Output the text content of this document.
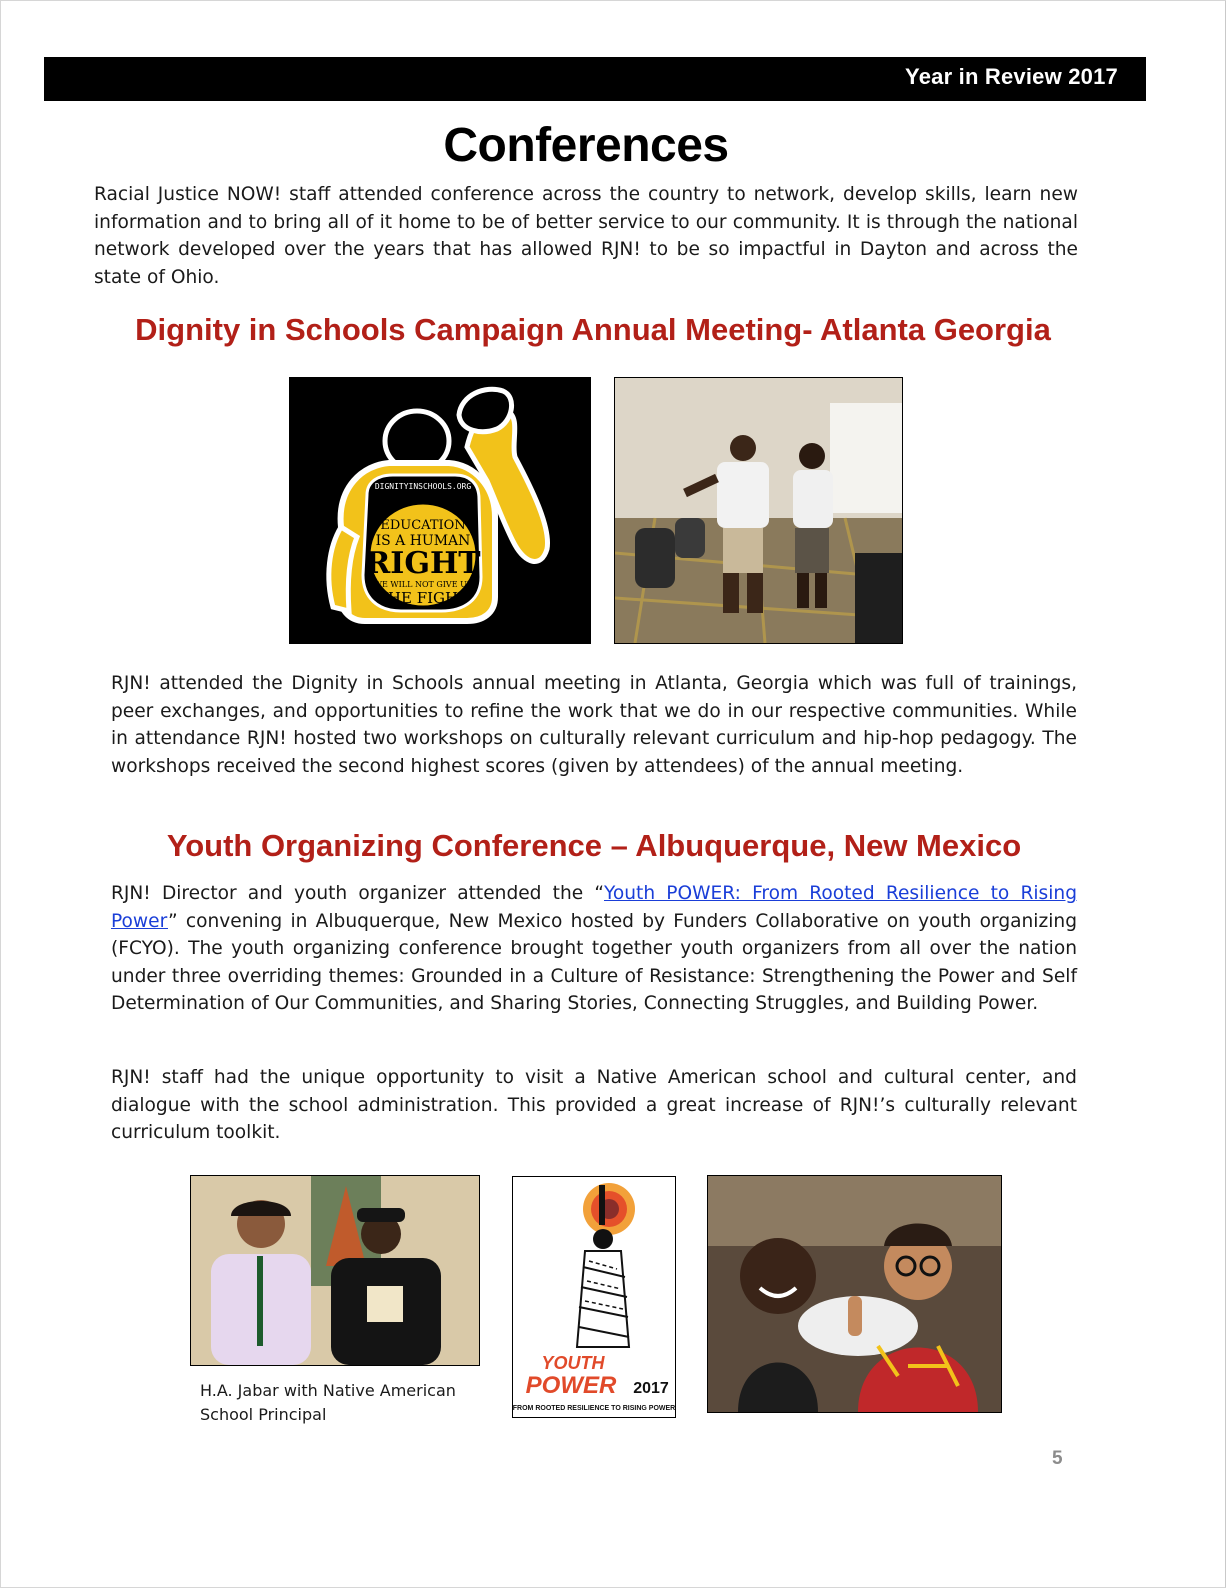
Year in Review 2017
Conferences

Racial Justice NOW! staff attended conference across the country to network, develop skills, learn new information and to bring all of it home to be of better service to our community. It is through the national network developed over the years that has allowed RJN! to be so impactful in Dayton and across the state of Ohio.

Dignity in Schools Campaign Annual Meeting- Atlanta Georgia
DIGNITYINSCHOOLS.ORG
EDUCATION
IS A HUMAN
RIGHT
WE WILL NOT GIVE UP
THE FIGHT

RJN! attended the Dignity in Schools annual meeting in Atlanta, Georgia which was full of trainings, peer exchanges, and opportunities to refine the work that we do in our respective communities. While in attendance RJN! hosted two workshops on culturally relevant curriculum and hip-hop pedagogy. The workshops received the second highest scores (given by attendees) of the annual meeting.

Youth Organizing Conference – Albuquerque, New Mexico

RJN! Director and youth organizer attended the “Youth POWER: From Rooted Resilience to Rising Power” convening in Albuquerque, New Mexico hosted by Funders Collaborative on youth organizing (FCYO). The youth organizing conference brought together youth organizers from all over the nation under three overriding themes: Grounded in a Culture of Resistance: Strengthening the Power and Self Determination of Our Communities, and Sharing Stories, Connecting Struggles, and Building Power.

RJN! staff had the unique opportunity to visit a Native American school and cultural center, and dialogue with the school administration. This provided a great increase of RJN!’s culturally relevant curriculum toolkit.

H.A. Jabar with Native American School Principal
YOUTH
POWER 2017
FROM ROOTED RESILIENCE TO RISING POWER
5
